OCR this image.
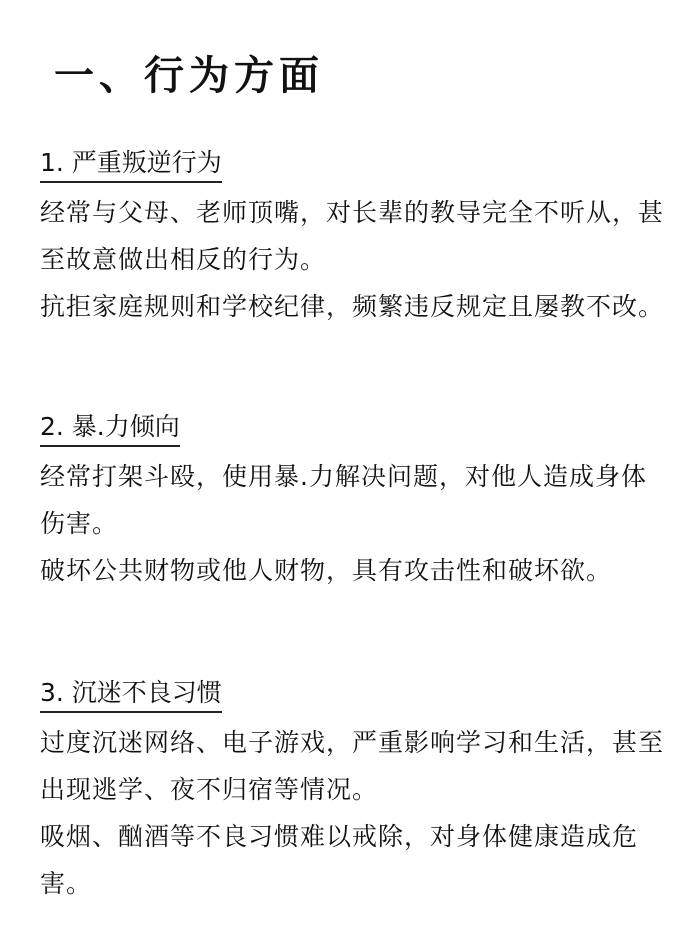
一、行为方面
1. 严重叛逆行为

经常与父母、老师顶嘴，对长辈的教导完全不听从，甚至故意做出相反的行为。

抗拒家庭规则和学校纪律，频繁违反规定且屡教不改。

2. 暴.力倾向

经常打架斗殴，使用暴.力解决问题，对他人造成身体伤害。

破坏公共财物或他人财物，具有攻击性和破坏欲。

3. 沉迷不良习惯

过度沉迷网络、电子游戏，严重影响学习和生活，甚至出现逃学、夜不归宿等情况。

吸烟、酗酒等不良习惯难以戒除，对身体健康造成危害。
